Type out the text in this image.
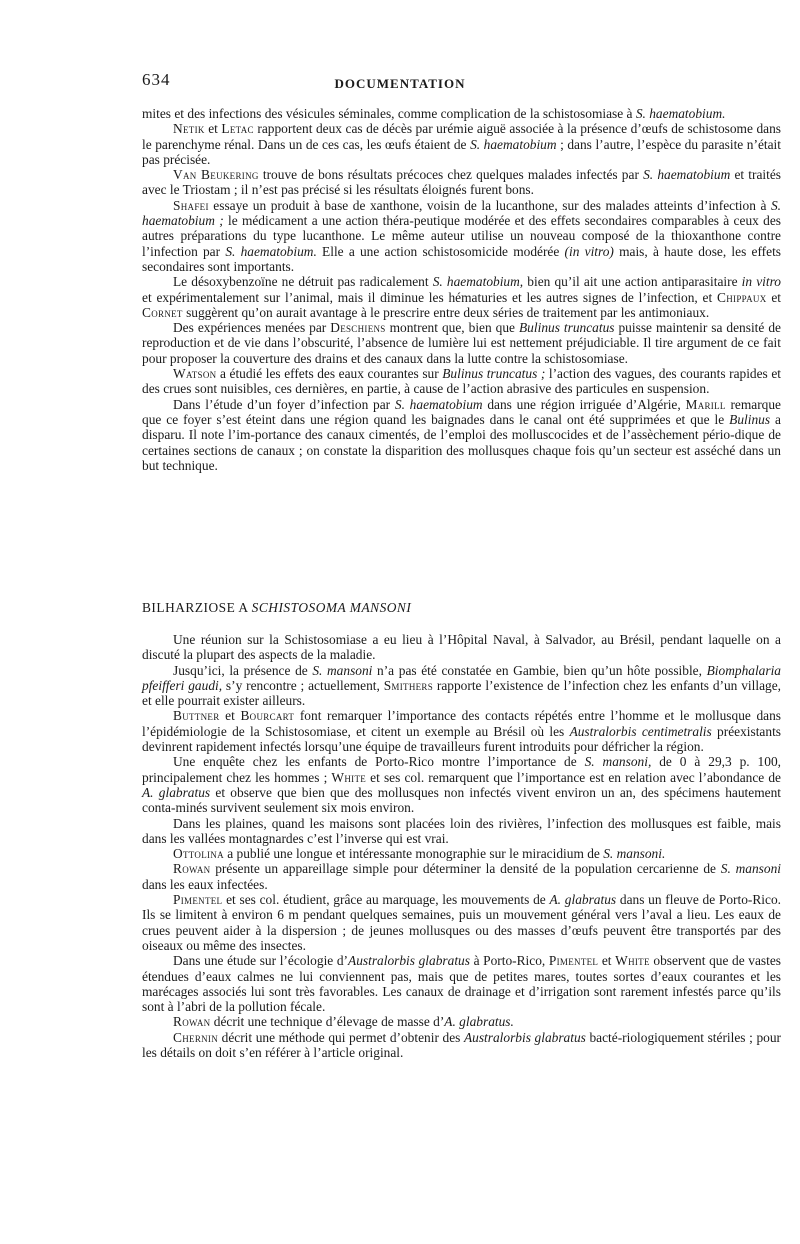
634	DOCUMENTATION

mites et des infections des vésicules séminales, comme complication de la schistosomiase à S. haematobium.

Netik et Letac rapportent deux cas de décès par urémie aiguë associée à la présence d’œufs de schistosome dans le parenchyme rénal. Dans un de ces cas, les œufs étaient de S. haematobium ; dans l’autre, l’espèce du parasite n’était pas précisée.

Van Beukering trouve de bons résultats précoces chez quelques malades infectés par S. haematobium et traités avec le Triostam ; il n’est pas précisé si les résultats éloignés furent bons.

Shafei essaye un produit à base de xanthone, voisin de la lucanthone, sur des malades atteints d’infection à S. haematobium ; le médicament a une action théra-peutique modérée et des effets secondaires comparables à ceux des autres préparations du type lucanthone. Le même auteur utilise un nouveau composé de la thioxanthone contre l’infection par S. haematobium. Elle a une action schistosomicide modérée (in vitro) mais, à haute dose, les effets secondaires sont importants.

Le désoxybenzoïne ne détruit pas radicalement S. haematobium, bien qu’il ait une action antiparasitaire in vitro et expérimentalement sur l’animal, mais il diminue les hématuries et les autres signes de l’infection, et Chippaux et Cornet suggèrent qu’on aurait avantage à le prescrire entre deux séries de traitement par les antimoniaux.

Des expériences menées par Deschiens montrent que, bien que Bulinus truncatus puisse maintenir sa densité de reproduction et de vie dans l’obscurité, l’absence de lumière lui est nettement préjudiciable. Il tire argument de ce fait pour proposer la couverture des drains et des canaux dans la lutte contre la schistosomiase.

Watson a étudié les effets des eaux courantes sur Bulinus truncatus ; l’action des vagues, des courants rapides et des crues sont nuisibles, ces dernières, en partie, à cause de l’action abrasive des particules en suspension.

Dans l’étude d’un foyer d’infection par S. haematobium dans une région irriguée d’Algérie, Marill remarque que ce foyer s’est éteint dans une région quand les baignades dans le canal ont été supprimées et que le Bulinus a disparu. Il note l’im-portance des canaux cimentés, de l’emploi des molluscocides et de l’assèchement pério-dique de certaines sections de canaux ; on constate la disparition des mollusques chaque fois qu’un secteur est asséché dans un but technique.

BILHARZIOSE A SCHISTOSOMA MANSONI

Une réunion sur la Schistosomiase a eu lieu à l’Hôpital Naval, à Salvador, au Brésil, pendant laquelle on a discuté la plupart des aspects de la maladie.

Jusqu’ici, la présence de S. mansoni n’a pas été constatée en Gambie, bien qu’un hôte possible, Biomphalaria pfeifferi gaudi, s’y rencontre ; actuellement, Smithers rapporte l’existence de l’infection chez les enfants d’un village, et elle pourrait exister ailleurs.

Buttner et Bourcart font remarquer l’importance des contacts répétés entre l’homme et le mollusque dans l’épidémiologie de la Schistosomiase, et citent un exemple au Brésil où les Australorbis centimetralis préexistants devinrent rapidement infectés lorsqu’une équipe de travailleurs furent introduits pour défricher la région.

Une enquête chez les enfants de Porto-Rico montre l’importance de S. mansoni, de 0 à 29,3 p. 100, principalement chez les hommes ; White et ses col. remarquent que l’importance est en relation avec l’abondance de A. glabratus et observe que bien que des mollusques non infectés vivent environ un an, des spécimens hautement conta-minés survivent seulement six mois environ.

Dans les plaines, quand les maisons sont placées loin des rivières, l’infection des mollusques est faible, mais dans les vallées montagnardes c’est l’inverse qui est vrai.

Ottolina a publié une longue et intéressante monographie sur le miracidium de S. mansoni.

Rowan présente un appareillage simple pour déterminer la densité de la population cercarienne de S. mansoni dans les eaux infectées.

Pimentel et ses col. étudient, grâce au marquage, les mouvements de A. glabratus dans un fleuve de Porto-Rico. Ils se limitent à environ 6 m pendant quelques semaines, puis un mouvement général vers l’aval a lieu. Les eaux de crues peuvent aider à la dispersion ; de jeunes mollusques ou des masses d’œufs peuvent être transportés par des oiseaux ou même des insectes.

Dans une étude sur l’écologie d’Australorbis glabratus à Porto-Rico, Pimentel et White observent que de vastes étendues d’eaux calmes ne lui conviennent pas, mais que de petites mares, toutes sortes d’eaux courantes et les marécages associés lui sont très favorables. Les canaux de drainage et d’irrigation sont rarement infestés parce qu’ils sont à l’abri de la pollution fécale.

Rowan décrit une technique d’élevage de masse d’A. glabratus.

Chernin décrit une méthode qui permet d’obtenir des Australorbis glabratus bacté-riologiquement stériles ; pour les détails on doit s’en référer à l’article original.
